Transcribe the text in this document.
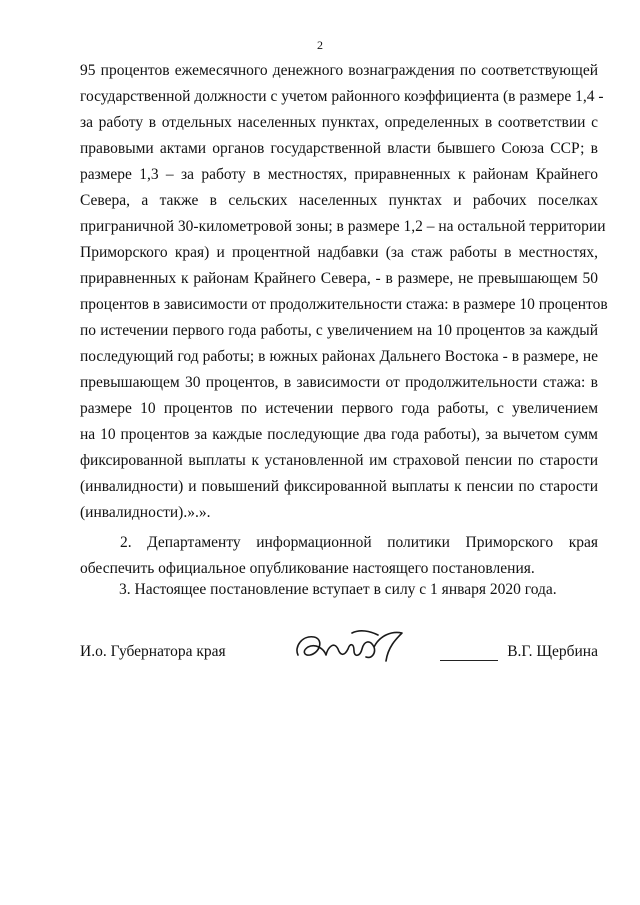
2

95 процентов ежемесячного денежного вознаграждения по соответствующей
государственной должности с учетом районного коэффициента (в размере 1,4 -
за работу в отдельных населенных пунктах, определенных в соответствии с
правовыми актами органов государственной власти бывшего Союза ССР; в
размере 1,3 – за работу в местностях, приравненных к районам Крайнего
Севера, а также в сельских населенных пунктах и рабочих поселках
приграничной 30-километровой зоны; в размере 1,2 – на остальной территории
Приморского края) и процентной надбавки (за стаж работы в местностях,
приравненных к районам Крайнего Севера, - в размере, не превышающем 50
процентов в зависимости от продолжительности стажа: в размере 10 процентов
по истечении первого года работы, с увеличением на 10 процентов за каждый
последующий год работы; в южных районах Дальнего Востока - в размере, не
превышающем 30 процентов, в зависимости от продолжительности стажа: в
размере 10 процентов по истечении первого года работы, с увеличением
на 10 процентов за каждые последующие два года работы), за вычетом сумм
фиксированной выплаты к установленной им страховой пенсии по старости
(инвалидности) и повышений фиксированной выплаты к пенсии по старости
(инвалидности).».».

2. Департаменту информационной политики Приморского края
обеспечить официальное опубликование настоящего постановления.

3. Настоящее постановление вступает в силу с 1 января 2020 года.
И.о. Губернатора края	В.Г. Щербина
